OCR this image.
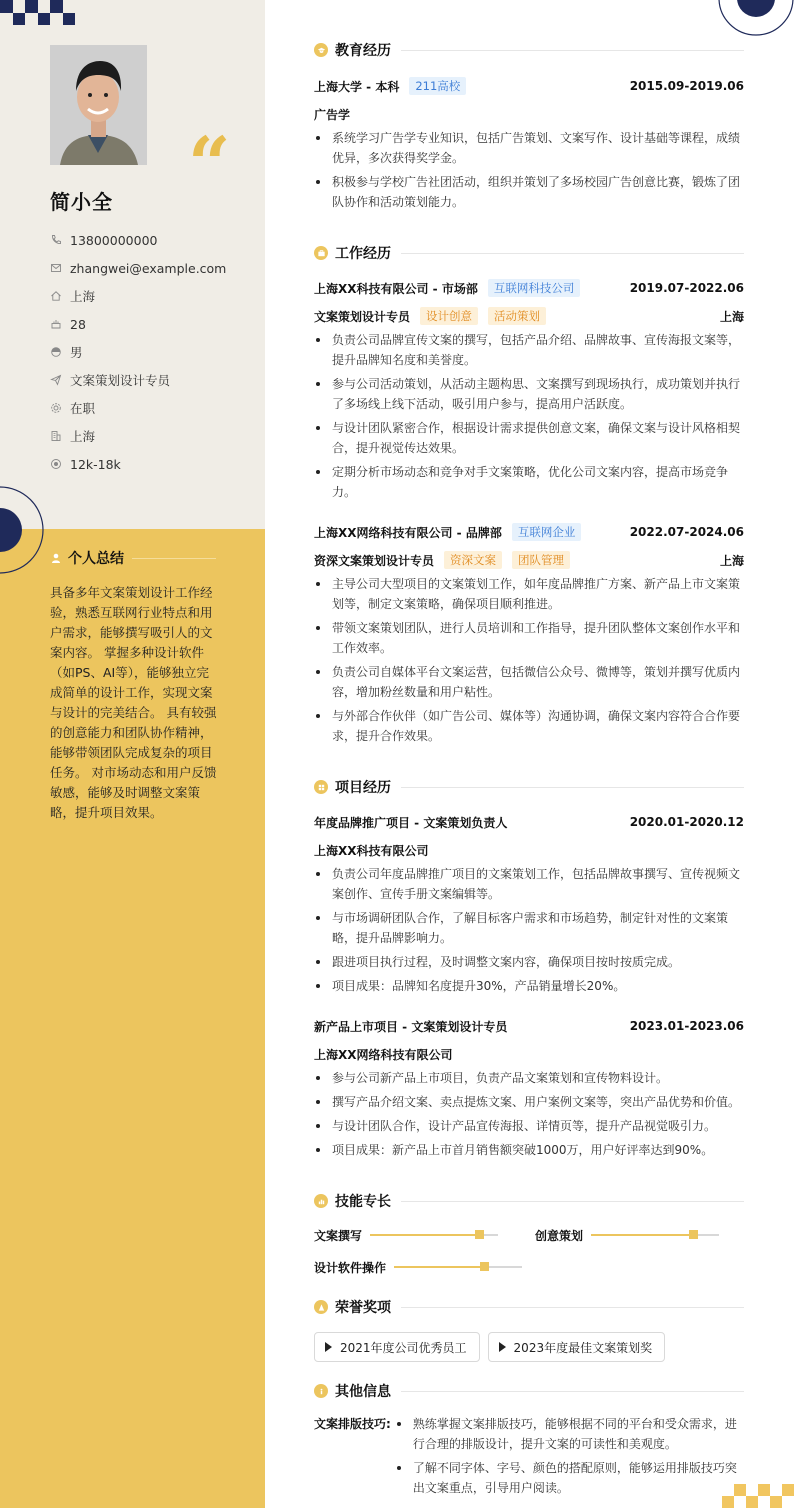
“
简小全
13800000000
zhangwei@example.com
上海
28
男
文案策划设计专员
在职
上海
12k-18k
个人总结
具备多年文案策划设计工作经验，熟悉互联网行业特点和用户需求，能够撰写吸引人的文案内容。 掌握多种设计软件（如PS、AI等），能够独立完成简单的设计工作，实现文案与设计的完美结合。 具有较强的创意能力和团队协作精神，能够带领团队完成复杂的项目任务。 对市场动态和用户反馈敏感，能够及时调整文案策略，提升项目效果。
教育经历
上海大学 - 本科	211高校	2015.09-2019.06
广告学
系统学习广告学专业知识，包括广告策划、文案写作、设计基础等课程，成绩优异，多次获得奖学金。
积极参与学校广告社团活动，组织并策划了多场校园广告创意比赛，锻炼了团队协作和活动策划能力。
工作经历
上海XX科技有限公司 - 市场部	互联网科技公司	2019.07-2022.06
文案策划设计专员	设计创意	活动策划	上海
负责公司品牌宣传文案的撰写，包括产品介绍、品牌故事、宣传海报文案等，提升品牌知名度和美誉度。
参与公司活动策划，从活动主题构思、文案撰写到现场执行，成功策划并执行了多场线上线下活动，吸引用户参与，提高用户活跃度。
与设计团队紧密合作，根据设计需求提供创意文案，确保文案与设计风格相契合，提升视觉传达效果。
定期分析市场动态和竞争对手文案策略，优化公司文案内容，提高市场竞争力。
上海XX网络科技有限公司 - 品牌部	互联网企业	2022.07-2024.06
资深文案策划设计专员	资深文案	团队管理	上海
主导公司大型项目的文案策划工作，如年度品牌推广方案、新产品上市文案策划等，制定文案策略，确保项目顺利推进。
带领文案策划团队，进行人员培训和工作指导，提升团队整体文案创作水平和工作效率。
负责公司自媒体平台文案运营，包括微信公众号、微博等，策划并撰写优质内容，增加粉丝数量和用户粘性。
与外部合作伙伴（如广告公司、媒体等）沟通协调，确保文案内容符合合作要求，提升合作效果。
项目经历
年度品牌推广项目 - 文案策划负责人	2020.01-2020.12
上海XX科技有限公司
负责公司年度品牌推广项目的文案策划工作，包括品牌故事撰写、宣传视频文案创作、宣传手册文案编辑等。
与市场调研团队合作，了解目标客户需求和市场趋势，制定针对性的文案策略，提升品牌影响力。
跟进项目执行过程，及时调整文案内容，确保项目按时按质完成。
项目成果：品牌知名度提升30%，产品销量增长20%。
新产品上市项目 - 文案策划设计专员	2023.01-2023.06
上海XX网络科技有限公司
参与公司新产品上市项目，负责产品文案策划和宣传物料设计。
撰写产品介绍文案、卖点提炼文案、用户案例文案等，突出产品优势和价值。
与设计团队合作，设计产品宣传海报、详情页等，提升产品视觉吸引力。
项目成果：新产品上市首月销售额突破1000万，用户好评率达到90%。
技能专长
文案撰写	创意策划
设计软件操作
荣誉奖项
2021年度公司优秀员工	2023年度最佳文案策划奖
其他信息
文案排版技巧:	熟练掌握文案排版技巧，能够根据不同的平台和受众需求，进行合理的排版设计，提升文案的可读性和美观度。
了解不同字体、字号、颜色的搭配原则，能够运用排版技巧突出文案重点，引导用户阅读。
